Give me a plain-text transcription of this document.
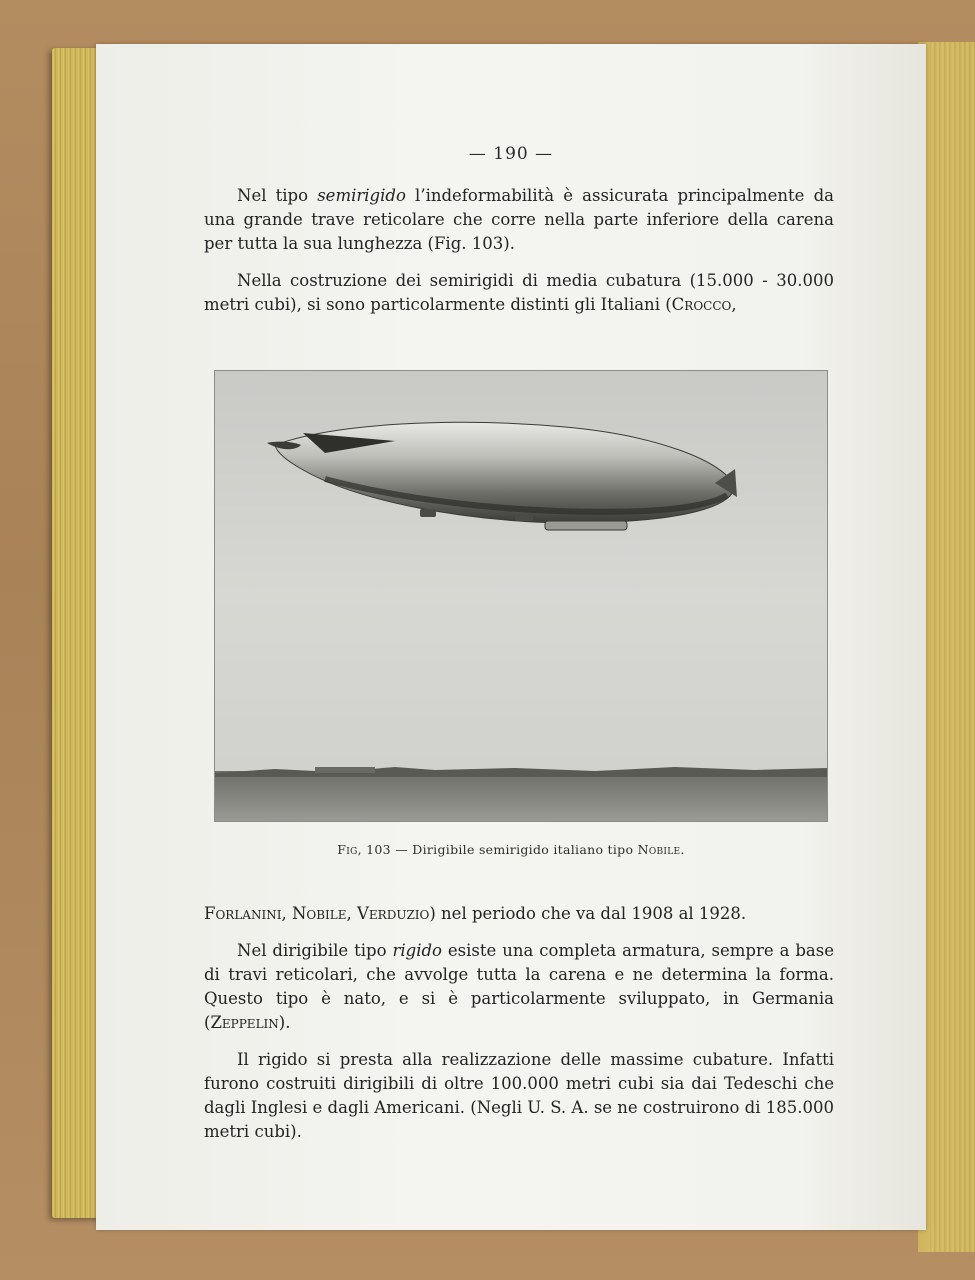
— 190 —

Nel tipo semirigido l’indeformabilità è assicurata principalmente da una grande trave reticolare che corre nella parte inferiore della carena per tutta la sua lunghezza (Fig. 103).

Nella costruzione dei semirigidi di media cubatura (15.000 - 30.000 metri cubi), si sono particolarmente distinti gli Italiani (Crocco,

Fig, 103 — Dirigibile semirigido italiano tipo Nobile.

Forlanini, Nobile, Verduzio) nel periodo che va dal 1908 al 1928.

Nel dirigibile tipo rigido esiste una completa armatura, sempre a base di travi reticolari, che avvolge tutta la carena e ne determina la forma. Questo tipo è nato, e si è particolarmente sviluppato, in Germania (Zeppelin).

Il rigido si presta alla realizzazione delle massime cubature. Infatti furono costruiti dirigibili di oltre 100.000 metri cubi sia dai Tedeschi che dagli Inglesi e dagli Americani. (Negli U. S. A. se ne costruirono di 185.000 metri cubi).
